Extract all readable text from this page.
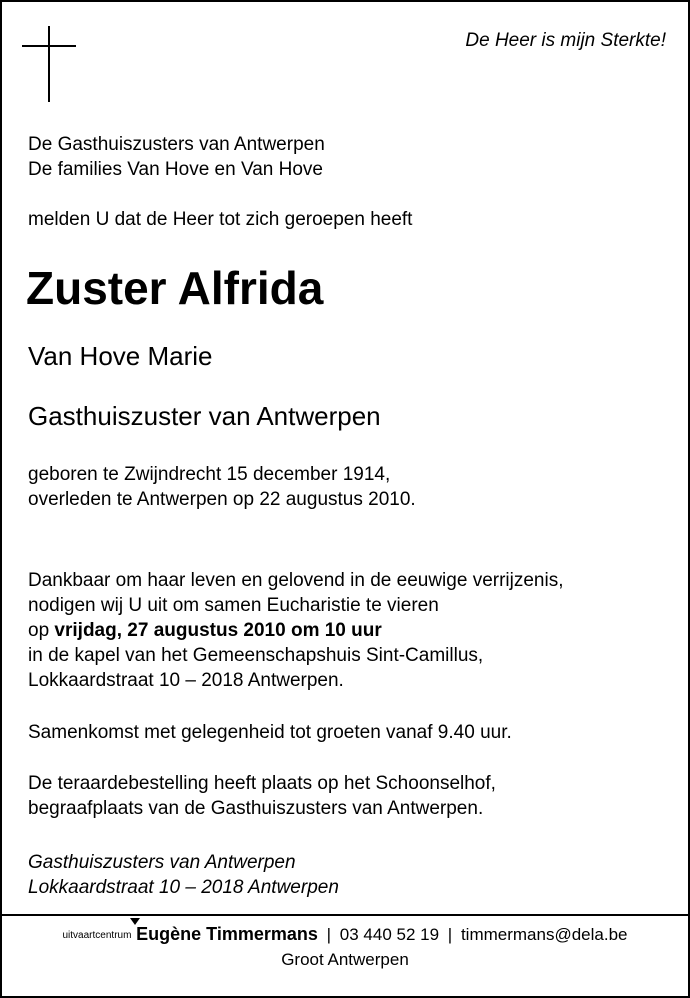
De Heer is mijn Sterkte!
De Gasthuiszusters van Antwerpen
De families Van Hove en Van Hove
melden U dat de Heer tot zich geroepen heeft
Zuster Alfrida
Van Hove Marie
Gasthuiszuster van Antwerpen
geboren te Zwijndrecht 15 december 1914,
overleden te Antwerpen op 22 augustus 2010.
Dankbaar om haar leven en gelovend in de eeuwige verrijzenis,
nodigen wij U uit om samen Eucharistie te vieren
op vrijdag, 27 augustus 2010 om 10 uur
in de kapel van het Gemeenschapshuis Sint-Camillus,
Lokkaardstraat 10 – 2018 Antwerpen.
Samenkomst met gelegenheid tot groeten vanaf 9.40 uur.
De teraardebestelling heeft plaats op het Schoonselhof,
begraafplaats van de Gasthuiszusters van Antwerpen.
Gasthuiszusters van Antwerpen
Lokkaardstraat 10 – 2018 Antwerpen
uitvaartcentrum Eugène Timmermans | 03 440 52 19 | timmermans@dela.be
Groot Antwerpen
